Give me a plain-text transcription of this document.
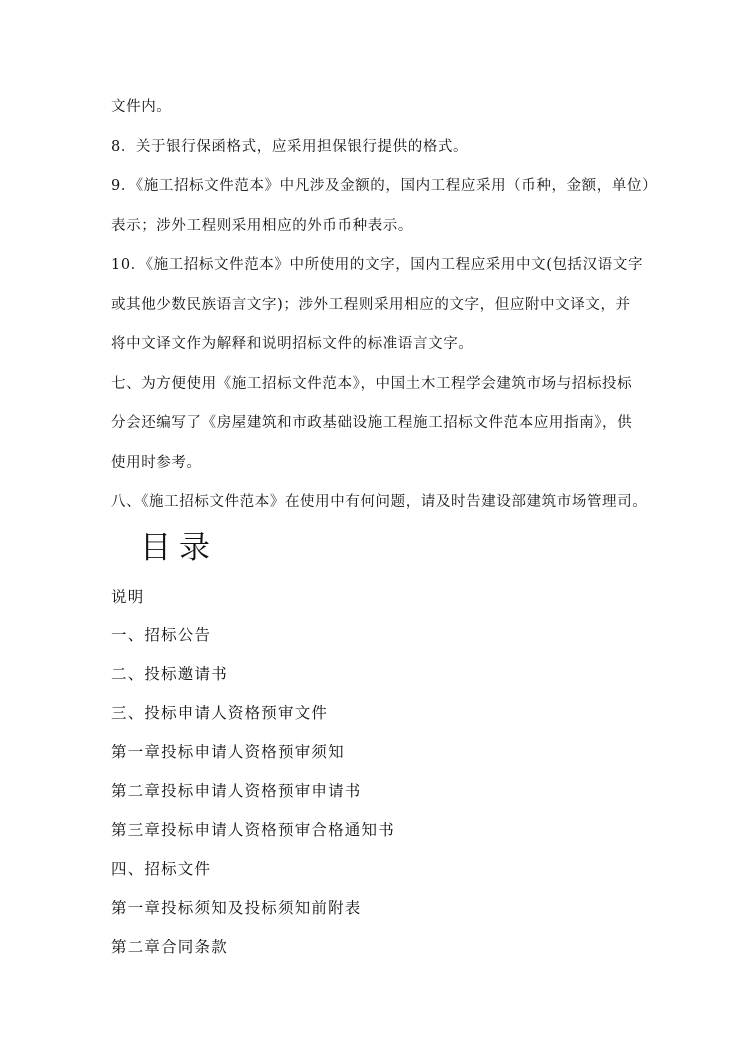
文件内。
8．关于银行保函格式，应采用担保银行提供的格式。
9．《施工招标文件范本》中凡涉及金额的，国内工程应采用（币种，金额，单位）
表示；涉外工程则采用相应的外币币种表示。
10．《施工招标文件范本》中所使用的文字，国内工程应采用中文(包括汉语文字
或其他少数民族语言文字)；涉外工程则采用相应的文字，但应附中文译文，并
将中文译文作为解释和说明招标文件的标准语言文字。
七、为方便使用《施工招标文件范本》，中国土木工程学会建筑市场与招标投标
分会还编写了《房屋建筑和市政基础设施工程施工招标文件范本应用指南》，供
使用时参考。
八、《施工招标文件范本》在使用中有何问题，请及时告建设部建筑市场管理司。
目录

说明

一、招标公告

二、投标邀请书

三、投标申请人资格预审文件

第一章投标申请人资格预审须知

第二章投标申请人资格预审申请书

第三章投标申请人资格预审合格通知书

四、招标文件

第一章投标须知及投标须知前附表

第二章合同条款
